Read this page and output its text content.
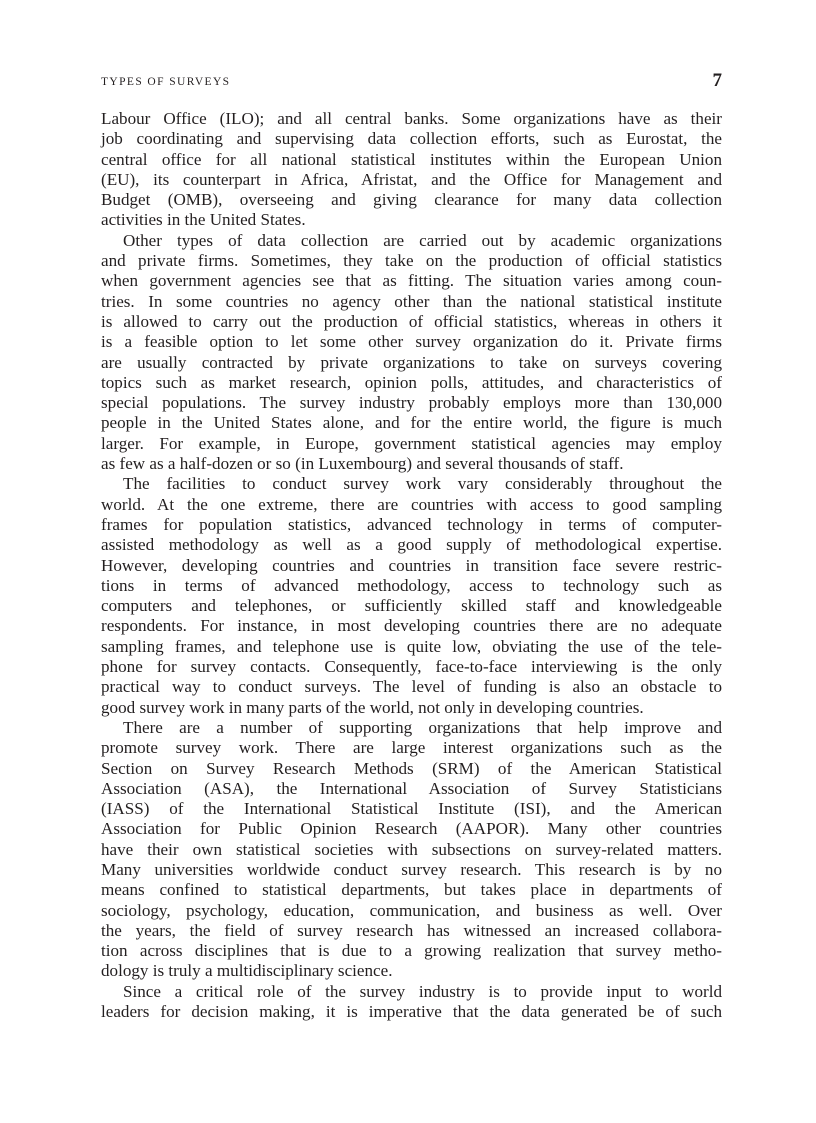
TYPES OF SURVEYS	7
Labour Office (ILO); and all central banks. Some organizations have as their
job coordinating and supervising data collection efforts, such as Eurostat, the
central office for all national statistical institutes within the European Union
(EU), its counterpart in Africa, Afristat, and the Office for Management and
Budget (OMB), overseeing and giving clearance for many data collection
activities in the United States.
Other types of data collection are carried out by academic organizations
and private firms. Sometimes, they take on the production of official statistics
when government agencies see that as fitting. The situation varies among coun-
tries. In some countries no agency other than the national statistical institute
is allowed to carry out the production of official statistics, whereas in others it
is a feasible option to let some other survey organization do it. Private firms
are usually contracted by private organizations to take on surveys covering
topics such as market research, opinion polls, attitudes, and characteristics of
special populations. The survey industry probably employs more than 130,000
people in the United States alone, and for the entire world, the figure is much
larger. For example, in Europe, government statistical agencies may employ
as few as a half-dozen or so (in Luxembourg) and several thousands of staff.
The facilities to conduct survey work vary considerably throughout the
world. At the one extreme, there are countries with access to good sampling
frames for population statistics, advanced technology in terms of computer-
assisted methodology as well as a good supply of methodological expertise.
However, developing countries and countries in transition face severe restric-
tions in terms of advanced methodology, access to technology such as
computers and telephones, or sufficiently skilled staff and knowledgeable
respondents. For instance, in most developing countries there are no adequate
sampling frames, and telephone use is quite low, obviating the use of the tele-
phone for survey contacts. Consequently, face-to-face interviewing is the only
practical way to conduct surveys. The level of funding is also an obstacle to
good survey work in many parts of the world, not only in developing countries.
There are a number of supporting organizations that help improve and
promote survey work. There are large interest organizations such as the
Section on Survey Research Methods (SRM) of the American Statistical
Association (ASA), the International Association of Survey Statisticians
(IASS) of the International Statistical Institute (ISI), and the American
Association for Public Opinion Research (AAPOR). Many other countries
have their own statistical societies with subsections on survey-related matters.
Many universities worldwide conduct survey research. This research is by no
means confined to statistical departments, but takes place in departments of
sociology, psychology, education, communication, and business as well. Over
the years, the field of survey research has witnessed an increased collabora-
tion across disciplines that is due to a growing realization that survey metho-
dology is truly a multidisciplinary science.
Since a critical role of the survey industry is to provide input to world
leaders for decision making, it is imperative that the data generated be of such
